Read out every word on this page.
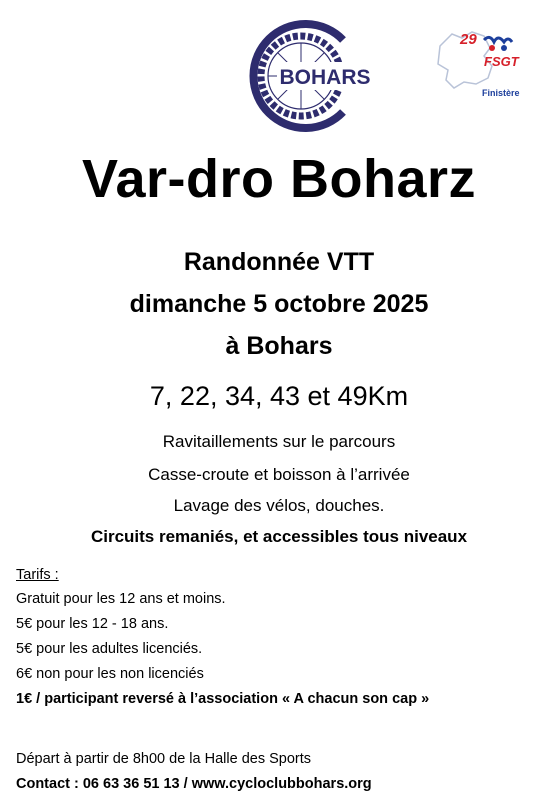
BOHARS
29
FSGT
Finistère
Var-dro Boharz
Randonnée VTT
dimanche 5 octobre 2025
à Bohars
7, 22, 34, 43 et 49Km
Ravitaillements sur le parcours
Casse-croute et boisson à l’arrivée
Lavage des vélos, douches.
Circuits remaniés, et accessibles tous niveaux
Tarifs :
Gratuit pour les 12 ans et moins.
5€ pour les 12 - 18 ans.
5€ pour les adultes licenciés.
6€ non pour les non licenciés
1€ / participant reversé à l’association « A chacun son cap »
Départ à partir de 8h00 de la Halle des Sports
Contact : 06 63 36 51 13 / www.cycloclubbohars.org
